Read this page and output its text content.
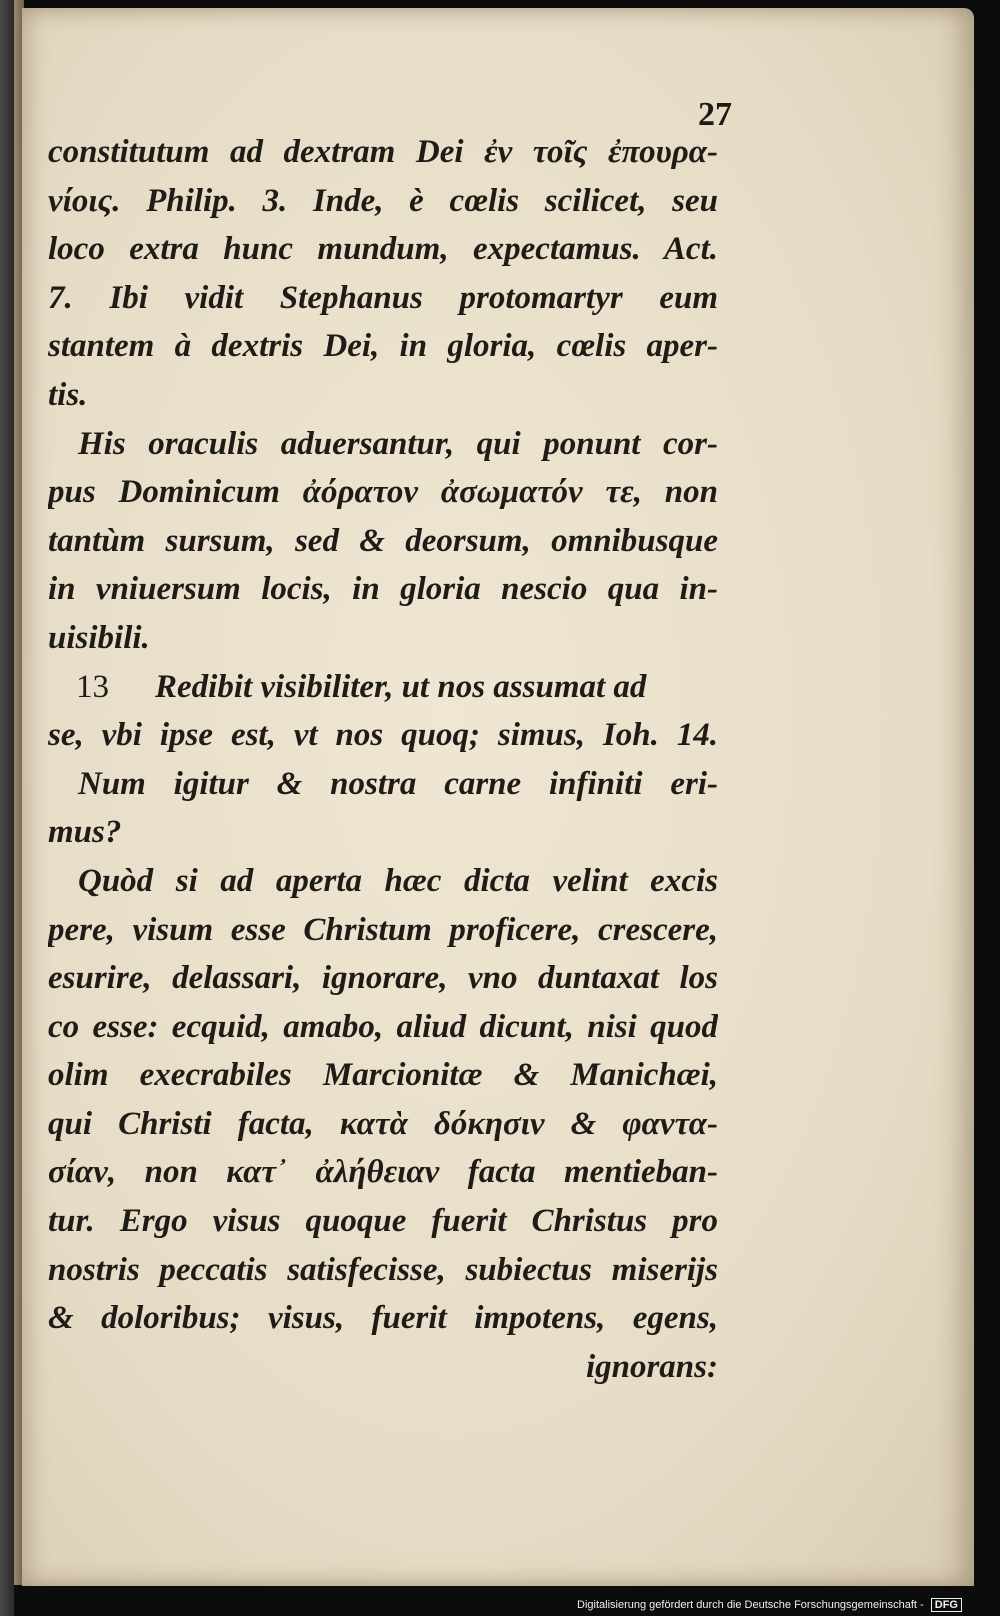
27
constitutum ad dextram Dei ἐν τοῖς ἐπουρα-
νίοις. Philip. 3. Inde, è cœlis scilicet, seu
loco extra hunc mundum, expectamus. Act.
7. Ibi vidit Stephanus protomartyr eum
stantem à dextris Dei, in gloria, cœlis aper-
tis.
His oraculis aduersantur, qui ponunt cor-
pus Dominicum ἀόρατον ἀσωματόν τε, non
tantùm sursum, sed & deorsum, omnibusque
in vniuersum locis, in gloria nescio qua in-
uisibili.
13 Redibit visibiliter, ut nos assumat ad
se, vbi ipse est, vt nos quoq; simus, Ioh. 14.
Num igitur & nostra carne infiniti eri-
mus?
Quòd si ad aperta hæc dicta velint excis
pere, visum esse Christum proficere, crescere,
esurire, delassari, ignorare, vno duntaxat los
co esse: ecquid, amabo, aliud dicunt, nisi quod
olim execrabiles Marcionitæ & Manichæi,
qui Christi facta, κατὰ δόκησιν & φαντα-
σίαν, non κατ᾽ ἀλήθειαν facta mentieban-
tur. Ergo visus quoque fuerit Christus pro
nostris peccatis satisfecisse, subiectus miserijs
& doloribus; visus, fuerit impotens, egens,
ignorans:
Digitalisierung gefördert durch die Deutsche Forschungsgemeinschaft - DFG
